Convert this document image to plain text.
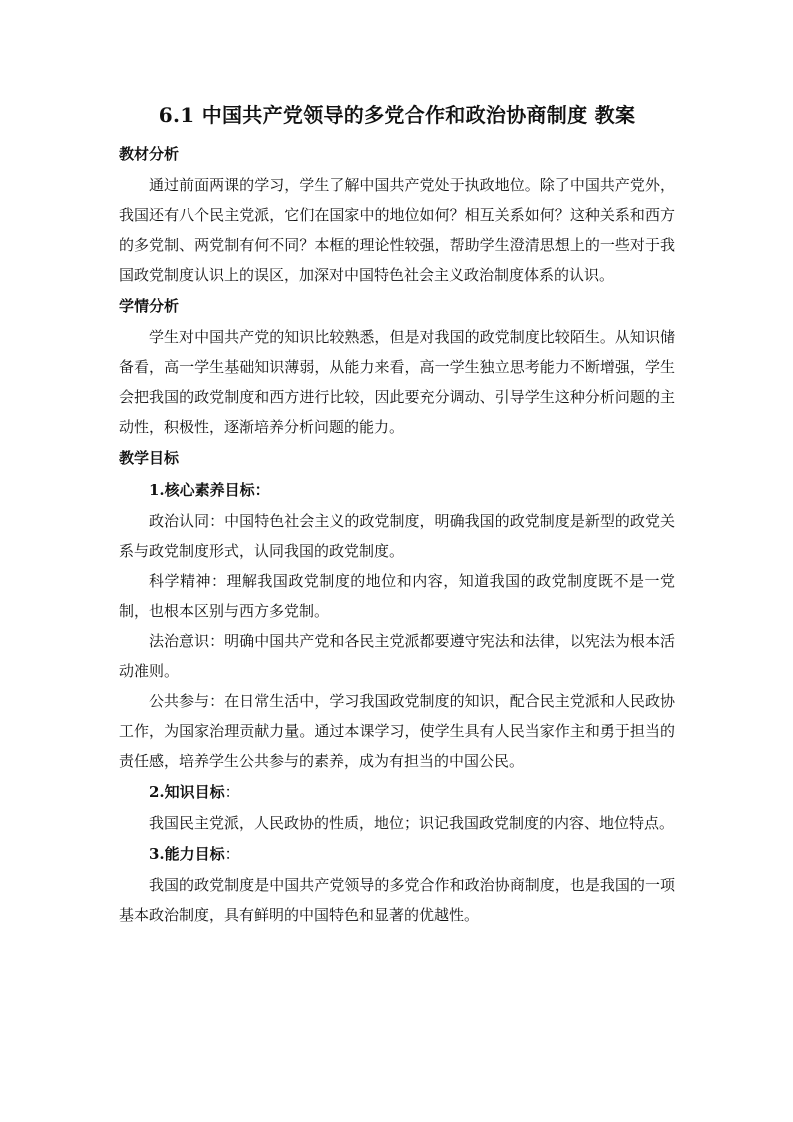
6.1 中国共产党领导的多党合作和政治协商制度 教案
教材分析

通过前面两课的学习，学生了解中国共产党处于执政地位。除了中国共产党外，我国还有八个民主党派，它们在国家中的地位如何？相互关系如何？这种关系和西方的多党制、两党制有何不同？本框的理论性较强，帮助学生澄清思想上的一些对于我国政党制度认识上的误区，加深对中国特色社会主义政治制度体系的认识。

学情分析

学生对中国共产党的知识比较熟悉，但是对我国的政党制度比较陌生。从知识储备看，高一学生基础知识薄弱，从能力来看，高一学生独立思考能力不断增强，学生会把我国的政党制度和西方进行比较，因此要充分调动、引导学生这种分析问题的主动性，积极性，逐渐培养分析问题的能力。

教学目标

1.核心素养目标：

政治认同：中国特色社会主义的政党制度，明确我国的政党制度是新型的政党关系与政党制度形式，认同我国的政党制度。

科学精神：理解我国政党制度的地位和内容，知道我国的政党制度既不是一党制，也根本区别与西方多党制。

法治意识：明确中国共产党和各民主党派都要遵守宪法和法律，以宪法为根本活动准则。

公共参与：在日常生活中，学习我国政党制度的知识，配合民主党派和人民政协工作，为国家治理贡献力量。通过本课学习，使学生具有人民当家作主和勇于担当的责任感，培养学生公共参与的素养，成为有担当的中国公民。

2.知识目标：

我国民主党派，人民政协的性质，地位；识记我国政党制度的内容、地位特点。

3.能力目标：

我国的政党制度是中国共产党领导的多党合作和政治协商制度，也是我国的一项基本政治制度，具有鲜明的中国特色和显著的优越性。
